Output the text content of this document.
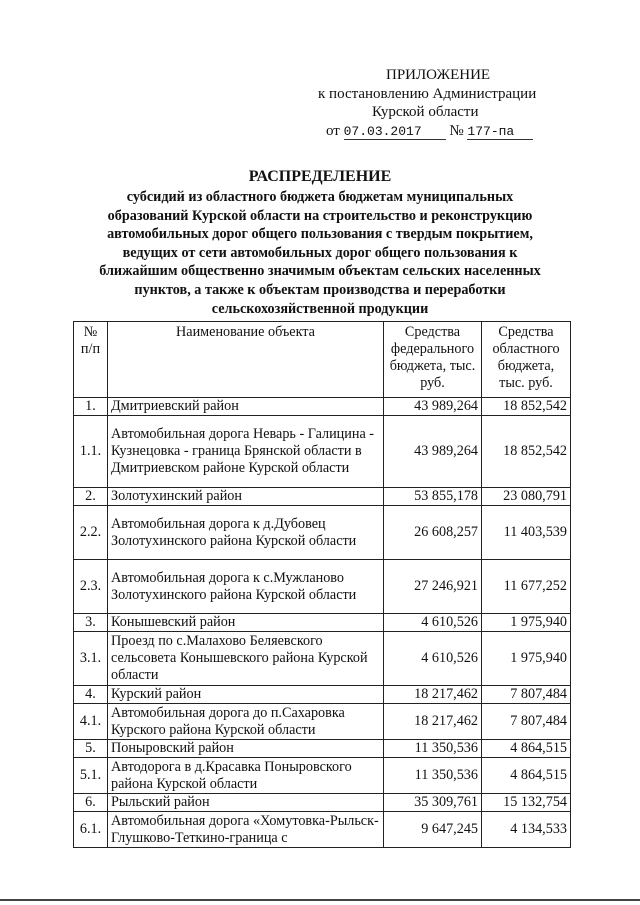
ПРИЛОЖЕНИЕ
к постановлению Администрации
Курской области
от 07.03.2017 № 177-па
РАСПРЕДЕЛЕНИЕ
субсидий из областного бюджета бюджетам муниципальных
образований Курской области на строительство и реконструкцию
автомобильных дорог общего пользования с твердым покрытием,
ведущих от сети автомобильных дорог общего пользования к
ближайшим общественно значимым объектам сельских населенных
пунктов, а также к объектам производства и переработки
сельскохозяйственной продукции
№ п/п	Наименование объекта	Средства федерального бюджета, тыс. руб.	Средства областного бюджета, тыс. руб.
1.	Дмитриевский район	43 989,264	18 852,542
1.1.	Автомобильная дорога Неварь - Галицина - Кузнецовка - граница Брянской области в Дмитриевском районе Курской области	43 989,264	18 852,542
2.	Золотухинский район	53 855,178	23 080,791
2.2.	Автомобильная дорога к д.Дубовец Золотухинского района Курской области	26 608,257	11 403,539
2.3.	Автомобильная дорога к с.Мужланово Золотухинского района Курской области	27 246,921	11 677,252
3.	Конышевский район	4 610,526	1 975,940
3.1.	Проезд по с.Малахово Беляевского сельсовета Конышевского района Курской области	4 610,526	1 975,940
4.	Курский район	18 217,462	7 807,484
4.1.	Автомобильная дорога до п.Сахаровка Курского района Курской области	18 217,462	7 807,484
5.	Поныровский район	11 350,536	4 864,515
5.1.	Автодорога в д.Красавка Поныровского района Курской области	11 350,536	4 864,515
6.	Рыльский район	35 309,761	15 132,754
6.1.	Автомобильная дорога «Хомутовка-Рыльск-Глушково-Теткино-граница с	9 647,245	4 134,533
